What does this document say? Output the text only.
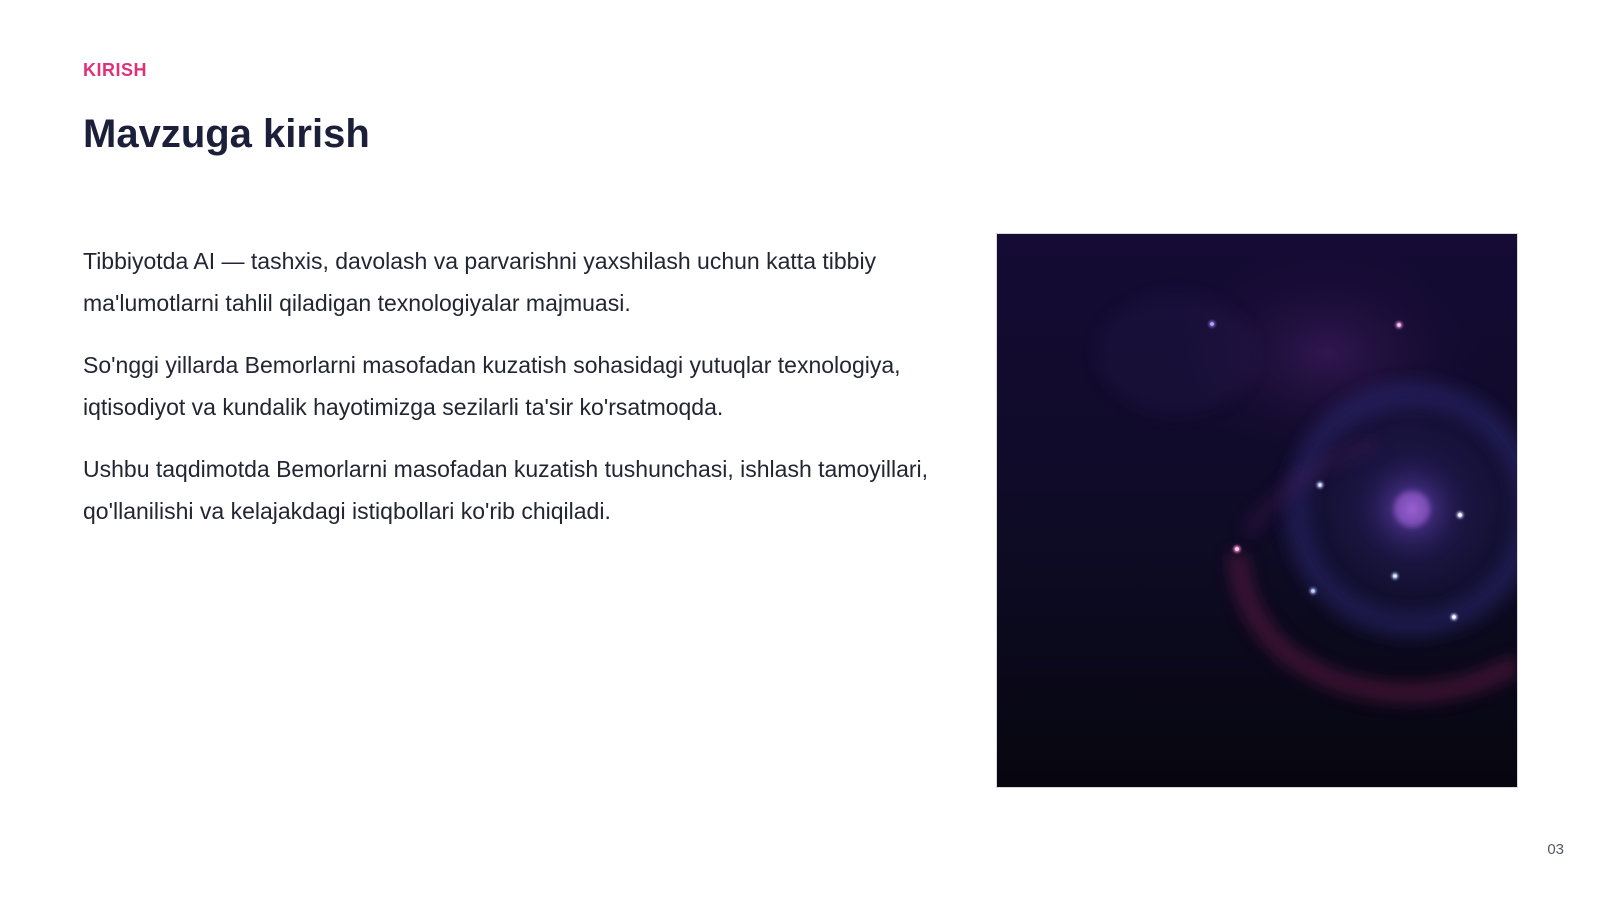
KIRISH
Mavzuga kirish

Tibbiyotda AI — tashxis, davolash va parvarishni yaxshilash uchun katta tibbiy ma'lumotlarni tahlil qiladigan texnologiyalar majmuasi.

So'nggi yillarda Bemorlarni masofadan kuzatish sohasidagi yutuqlar texnologiya, iqtisodiyot va kundalik hayotimizga sezilarli ta'sir ko'rsatmoqda.

Ushbu taqdimotda Bemorlarni masofadan kuzatish tushunchasi, ishlash tamoyillari, qo'llanilishi va kelajakdagi istiqbollari ko'rib chiqiladi.

03
